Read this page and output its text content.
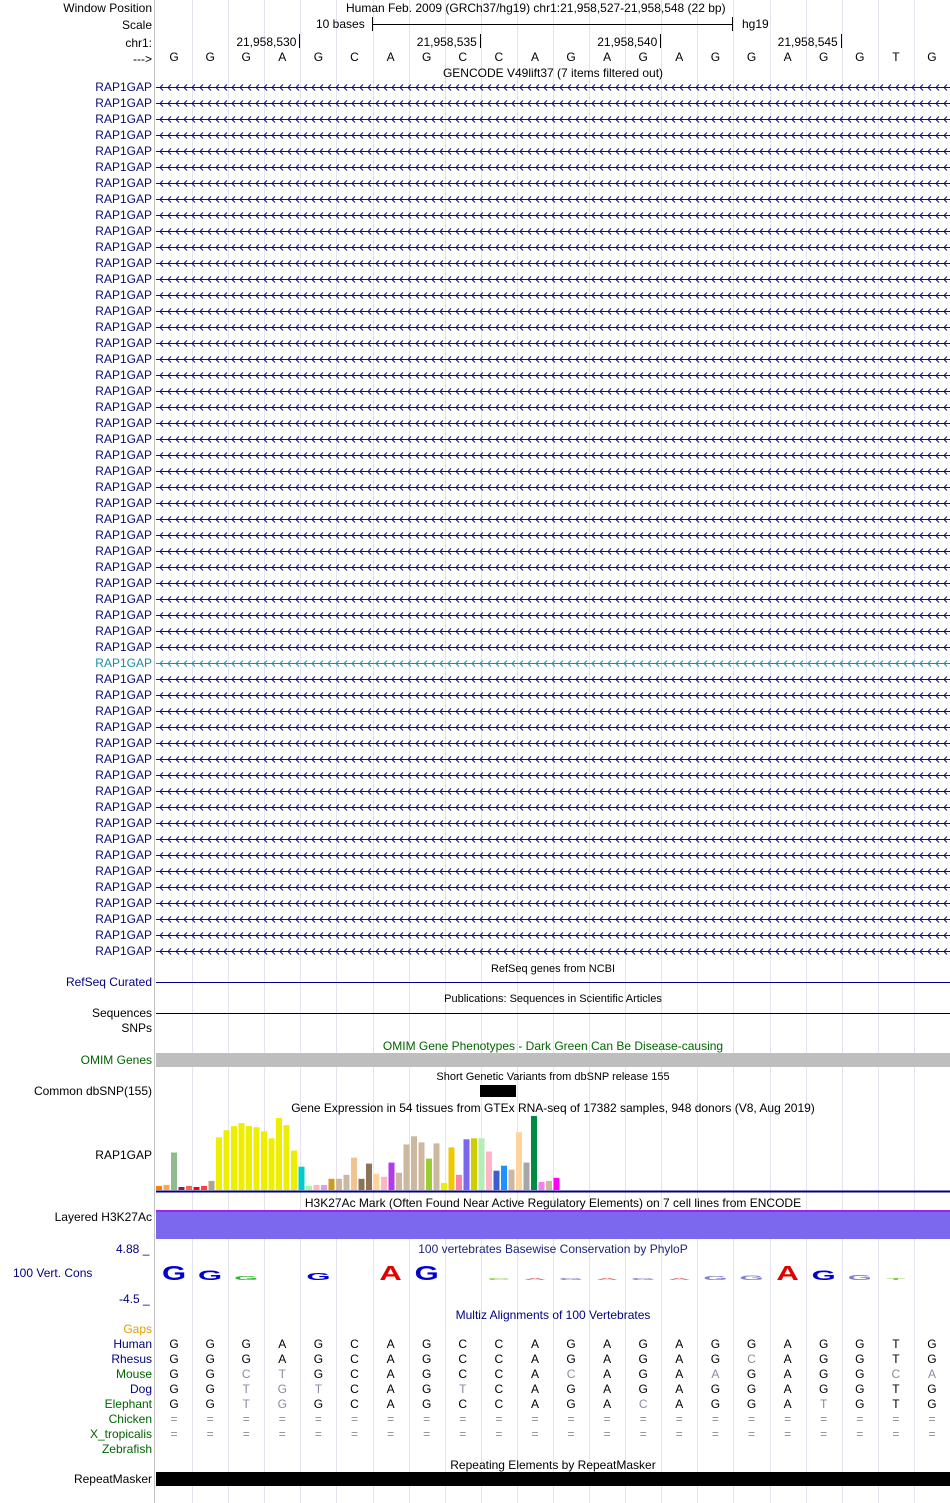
Window Position	Human Feb. 2009 (GRCh37/hg19) chr1:21,958,527-21,958,548 (22 bp)
Scale	10 bases	hg19
chr1:	21,958,530	21,958,535	21,958,540	21,958,545
--->	G	G	G	A	G	C	A	G	C	C	A	G	A	G	A	G	G	A	G	G	T	G
GENCODE V49lift37 (7 items filtered out)
RAP1GAP
RAP1GAP
RAP1GAP
RAP1GAP
RAP1GAP
RAP1GAP
RAP1GAP
RAP1GAP
RAP1GAP
RAP1GAP
RAP1GAP
RAP1GAP
RAP1GAP
RAP1GAP
RAP1GAP
RAP1GAP
RAP1GAP
RAP1GAP
RAP1GAP
RAP1GAP
RAP1GAP
RAP1GAP
RAP1GAP
RAP1GAP
RAP1GAP
RAP1GAP
RAP1GAP
RAP1GAP
RAP1GAP
RAP1GAP
RAP1GAP
RAP1GAP
RAP1GAP
RAP1GAP
RAP1GAP
RAP1GAP
RAP1GAP
RAP1GAP
RAP1GAP
RAP1GAP
RAP1GAP
RAP1GAP
RAP1GAP
RAP1GAP
RAP1GAP
RAP1GAP
RAP1GAP
RAP1GAP
RAP1GAP
RAP1GAP
RAP1GAP
RAP1GAP
RAP1GAP
RAP1GAP
RAP1GAP
RefSeq genes from NCBI
RefSeq Curated
Publications: Sequences in Scientific Articles
Sequences
SNPs
OMIM Gene Phenotypes - Dark Green Can Be Disease-causing
OMIM Genes
Short Genetic Variants from dbSNP release 155
Common dbSNP(155)
Gene Expression in 54 tissues from GTEx RNA-seq of 17382 samples, 948 donors (V8, Aug 2019)
RAP1GAP
H3K27Ac Mark (Often Found Near Active Regulatory Elements) on 7 cell lines from ENCODE
Layered H3K27Ac
100 vertebrates Basewise Conservation by PhyloP
4.88 _
100 Vert. Cons
-4.5 _
G G G G A G C A G A G A G G A G G T
Multiz Alignments of 100 Vertebrates
Gaps
Human	G	G	G	A	G	C	A	G	C	C	A	G	A	G	A	G	G	A	G	G	T	G
Rhesus	G	G	G	A	G	C	A	G	C	C	A	G	A	G	A	G	C	A	G	G	T	G
Mouse	G	G	C	T	G	C	A	G	C	C	A	C	A	G	A	A	G	A	G	G	C	A
Dog	G	G	T	G	T	C	A	G	T	C	A	G	A	G	A	G	G	A	G	G	T	G
Elephant	G	G	T	G	G	C	A	G	C	C	A	G	A	C	A	G	G	A	T	G	T	G
Chicken	=	=	=	=	=	=	=	=	=	=	=	=	=	=	=	=	=	=	=	=	=	=
X_tropicalis	=	=	=	=	=	=	=	=	=	=	=	=	=	=	=	=	=	=	=	=	=	=
Zebrafish
Repeating Elements by RepeatMasker
RepeatMasker
